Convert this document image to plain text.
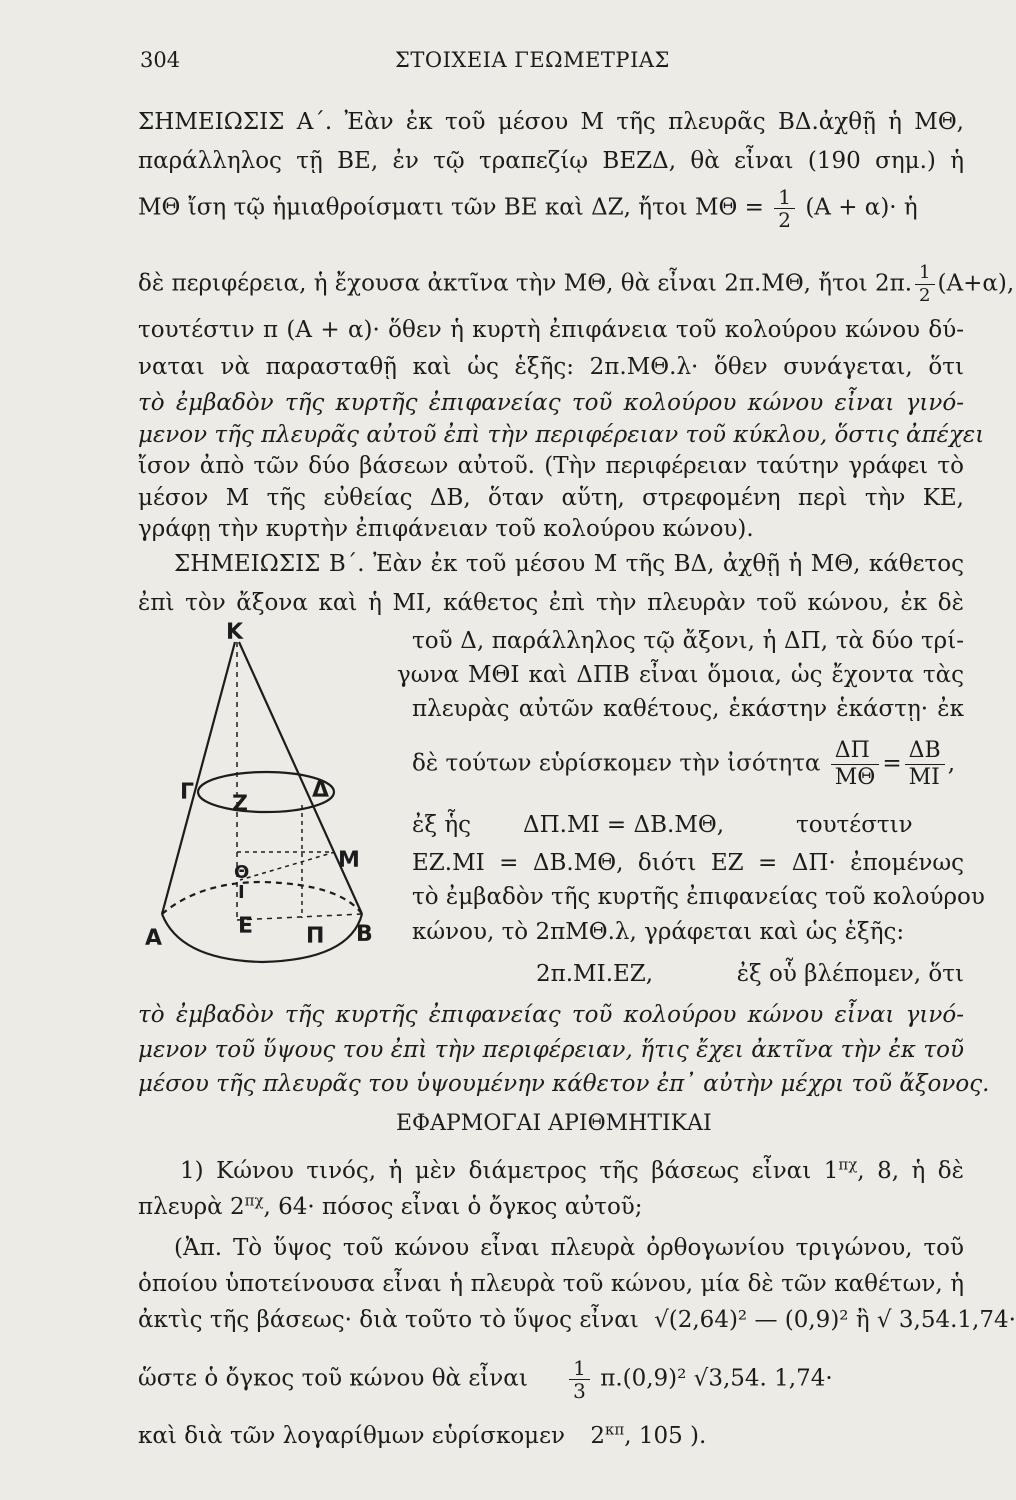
304	ΣΤΟΙΧΕΙΑ ΓΕΩΜΕΤΡΙΑΣ
ΣΗΜΕΙΩΣΙΣ Α΄. Ἐὰν ἐκ τοῦ μέσου Μ τῆς πλευρᾶς ΒΔ.ἀχθῇ ἡ ΜΘ,
παράλληλος τῇ ΒΕ, ἐν τῷ τραπεζίῳ ΒΕΖΔ, θὰ εἶναι (190 σημ.) ἡ
ΜΘ ἴση τῷ ἡμιαθροίσματι τῶν ΒΕ καὶ ΔΖ, ἤτοι $M\Theta = \frac{1}{2} (A + \alpha)\cdot$ ἡ
δὲ περιφέρεια, ἡ ἔχουσα ἀκτῖνα τὴν ΜΘ, θὰ εἶναι 2π.ΜΘ, ἤτοι 2π. $\frac{1}{2} (A+\alpha)$,
τουτέστιν π (Α + α)· ὅθεν ἡ κυρτὴ ἐπιφάνεια τοῦ κολούρου κώνου δύ-
ναται νὰ παρασταθῇ καὶ ὡς ἑξῆς: 2π.ΜΘ.λ· ὅθεν συνάγεται, ὅτι
τὸ ἐμβαδὸν τῆς κυρτῆς ἐπιφανείας τοῦ κολούρου κώνου εἶναι γινό-
μενον τῆς πλευρᾶς αὐτοῦ ἐπὶ τὴν περιφέρειαν τοῦ κύκλου, ὅστις ἀπέχει
ἴσον ἀπὸ τῶν δύο βάσεων αὐτοῦ. (Τὴν περιφέρειαν ταύτην γράφει τὸ
μέσον Μ τῆς εὐθείας ΔΒ, ὅταν αὕτη, στρεφομένη περὶ τὴν ΚΕ,
γράφῃ τὴν κυρτὴν ἐπιφάνειαν τοῦ κολούρου κώνου).
ΣΗΜΕΙΩΣΙΣ Β΄. Ἐὰν ἐκ τοῦ μέσου Μ τῆς ΒΔ, ἀχθῇ ἡ ΜΘ, κάθετος
ἐπὶ τὸν ἄξονα καὶ ἡ ΜΙ, κάθετος ἐπὶ τὴν πλευρὰν τοῦ κώνου, ἐκ δὲ
τοῦ Δ, παράλληλος τῷ ἄξονι, ἡ ΔΠ, τὰ δύο τρί-
γωνα ΜΘΙ καὶ ΔΠΒ εἶναι ὅμοια, ὡς ἔχοντα τὰς
πλευρὰς αὐτῶν καθέτους, ἑκάστην ἑκάστῃ· ἐκ
δὲ τούτων εὑρίσκομεν τὴν ἰσότητα $\frac{\Delta\Pi}{M\Theta} = \frac{\Delta B}{MI}$ ,
ἐξ ἧς ΔΠ.ΜΙ = ΔΒ.ΜΘ,	τουτέστιν
ΕΖ.ΜΙ = ΔΒ.ΜΘ, διότι ΕΖ = ΔΠ· ἐπομένως
τὸ ἐμβαδὸν τῆς κυρτῆς ἐπιφανείας τοῦ κολούρου
κώνου, τὸ 2πΜΘ.λ, γράφεται καὶ ὡς ἑξῆς:
2π.ΜΙ.ΕΖ,	ἐξ οὗ βλέπομεν, ὅτι
τὸ ἐμβαδὸν τῆς κυρτῆς ἐπιφανείας τοῦ κολούρου κώνου εἶναι γινό-
μενον τοῦ ὕψους του ἐπὶ τὴν περιφέρειαν, ἥτις ἔχει ἀκτῖνα τὴν ἐκ τοῦ
μέσου τῆς πλευρᾶς του ὑψουμένην κάθετον ἐπ᾽ αὐτὴν μέχρι τοῦ ἄξονος.
Κ
Γ Ζ
Δ
Θ	Μ
Ι
Α	Ε Π Β
ΕΦΑΡΜΟΓΑΙ ΑΡΙΘΜΗΤΙΚΑΙ
1) Κώνου τινός, ἡ μὲν διάμετρος τῆς βάσεως εἶναι $1^{\pi\chi}$, 8, ἡ δὲ
πλευρὰ $2^{\pi\chi}$, 64· πόσος εἶναι ὁ ὄγκος αὐτοῦ;
(Ἀπ. Τὸ ὕψος τοῦ κώνου εἶναι πλευρὰ ὀρθογωνίου τριγώνου, τοῦ
ὁποίου ὑποτείνουσα εἶναι ἡ πλευρὰ τοῦ κώνου, μία δὲ τῶν καθέτων, ἡ
ἀκτὶς τῆς βάσεως· διὰ τοῦτο τὸ ὕψος εἶναι √(2,64)² — (0,9)² ἢ √ 3,54.1,74·
ὥστε ὁ ὄγκος τοῦ κώνου θὰ εἶναι $\frac{1}{3} \pi.(0,9)^2$ √3,54. 1,74·
καὶ διὰ τῶν λογαρίθμων εὑρίσκομεν $2^{\kappa\pi}$, 105 ).
